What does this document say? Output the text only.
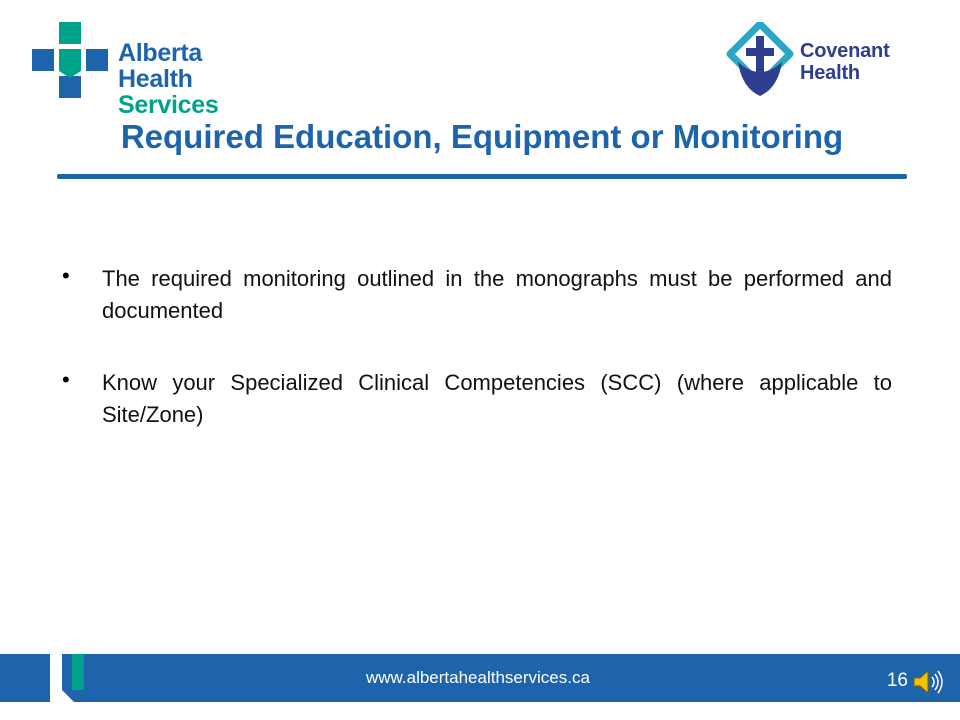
Alberta Health
Services
Covenant
Health
Required Education, Equipment or Monitoring
• The required monitoring outlined in the monographs must be performed and documented
• Know your Specialized Clinical Competencies (SCC) (where applicable to Site/Zone)
www.albertahealthservices.ca	16
